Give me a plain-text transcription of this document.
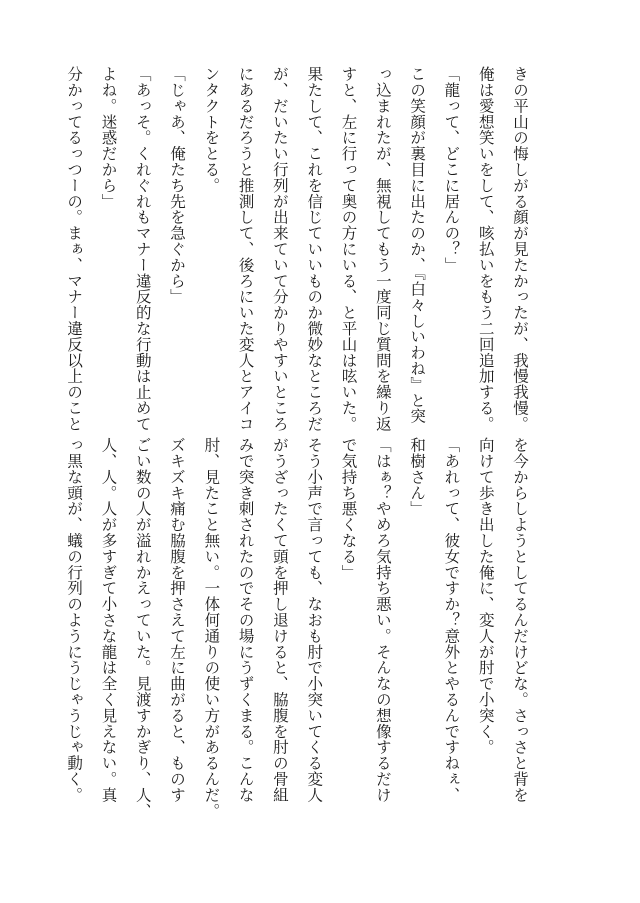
きの平山の悔しがる顔が見たかったが、我慢我慢。

俺は愛想笑いをして、咳払いをもう二回追加する。

「龍って、どこに居んの？」

この笑顔が裏目に出たのか、『白々しいわね』と突

っ込まれたが、無視してもう一度同じ質問を繰り返

すと、左に行って奥の方にいる、と平山は呟いた。

果たして、これを信じていいものか微妙なところだ

が、だいたい行列が出来ていて分かりやすいところ

にあるだろうと推測して、後ろにいた変人とアイコ

ンタクトをとる。

「じゃあ、俺たち先を急ぐから」

「あっそ。くれぐれもマナー違反的な行動は止めて

よね。迷惑だから」

分かってるっつーの。まぁ、マナー違反以上のこと

を今からしようとしてるんだけどな。さっさと背を

向けて歩き出した俺に、変人が肘で小突く。

「あれって、彼女ですか？意外とやるんですねぇ、

和樹さん」

「はぁ？やめろ気持ち悪い。そんなの想像するだけ

で気持ち悪くなる」

そう小声で言っても、なおも肘で小突いてくる変人

がうざったくて頭を押し退けると、脇腹を肘の骨組

みで突き刺されたのでその場にうずくまる。こんな

肘、見たこと無い。一体何通りの使い方があるんだ。

ズキズキ痛む脇腹を押さえて左に曲がると、ものす

ごい数の人が溢れかえっていた。見渡すかぎり、人、

人、人。人が多すぎて小さな龍は全く見えない。真

っ黒な頭が、蟻の行列のようにうじゃうじゃ動く。
